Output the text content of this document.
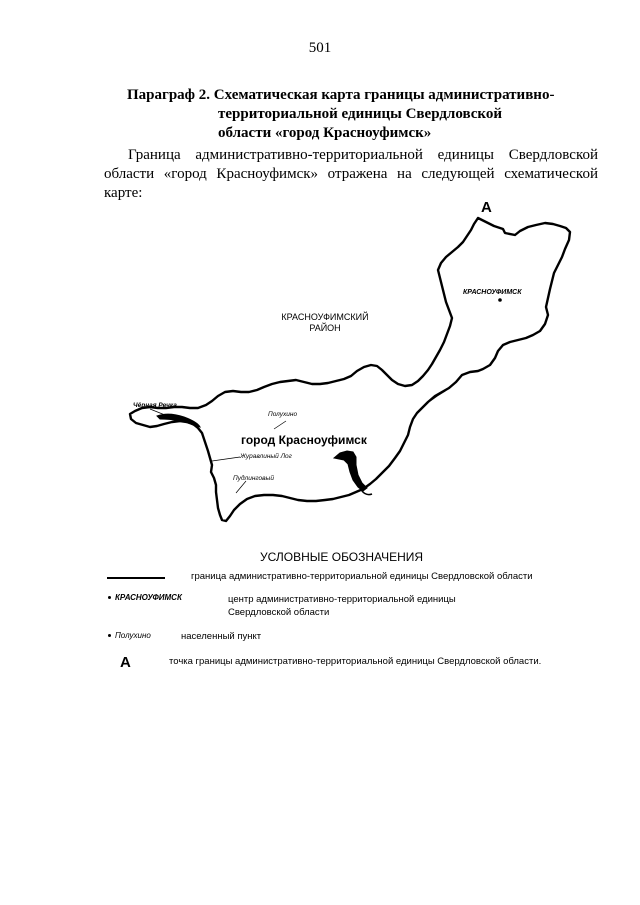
501
Параграф 2. Схематическая карта границы административно-
территориальной единицы Свердловской
области «город Красноуфимск»
Граница административно-территориальной единицы Свердловской области «город Красноуфимск» отражена на следующей схематической карте:
А
КРАСНОУФИМСК
КРАСНОУФИМСКИЙ
РАЙОН
Чёрная Речка
Полухино
город Красноуфимск
Журавлиный Лог
Пудлинговый
УСЛОВНЫЕ ОБОЗНАЧЕНИЯ
граница административно-территориальной единицы Свердловской области
КРАСНОУФИМСК	центр административно-территориальной единицы
Свердловской области
Полухино	населенный пункт
А	точка границы административно-территориальной единицы Свердловской области.
